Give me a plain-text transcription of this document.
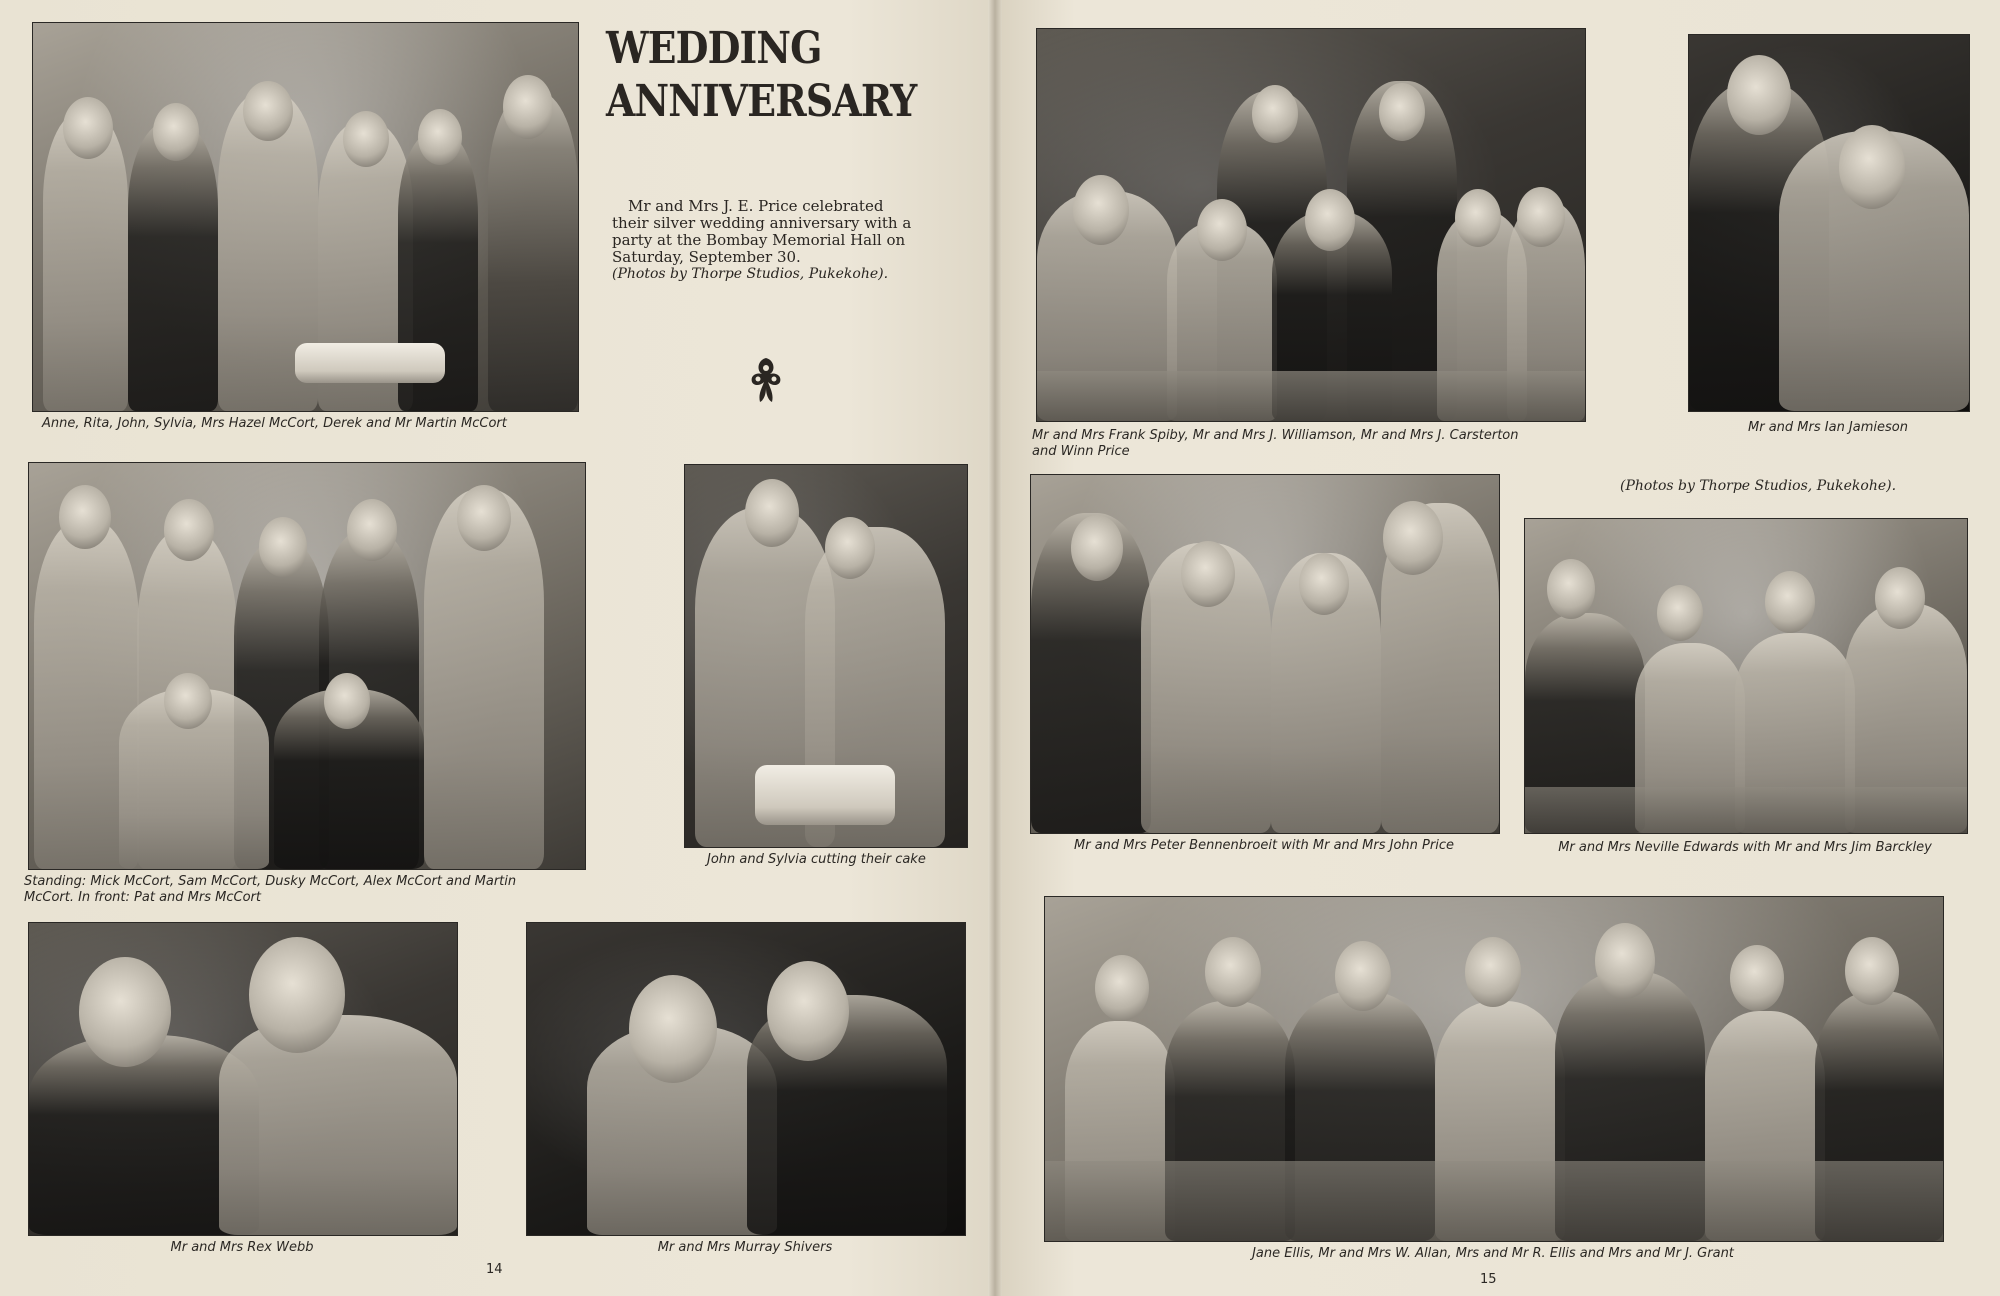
Anne, Rita, John, Sylvia, Mrs Hazel McCort, Derek and Mr Martin McCort
WEDDING
ANNIVERSARY
Mr and Mrs J. E. Price celebrated their silver wedding anniversary with a party at the Bombay Memorial Hall on Saturday, September 30.
(Photos by Thorpe Studios, Pukekohe).
Standing: Mick McCort, Sam McCort, Dusky McCort, Alex McCort and Martin
McCort. In front: Pat and Mrs McCort
John and Sylvia cutting their cake
Mr and Mrs Rex Webb	Mr and Mrs Murray Shivers
14
Mr and Mrs Frank Spiby, Mr and Mrs J. Williamson, Mr and Mrs J. Carsterton
and Winn Price
Mr and Mrs Ian Jamieson
(Photos by Thorpe Studios, Pukekohe).
Mr and Mrs Peter Bennenbroeit with Mr and Mrs John Price	Mr and Mrs Neville Edwards with Mr and Mrs Jim Barckley
Jane Ellis, Mr and Mrs W. Allan, Mrs and Mr R. Ellis and Mrs and Mr J. Grant
15
